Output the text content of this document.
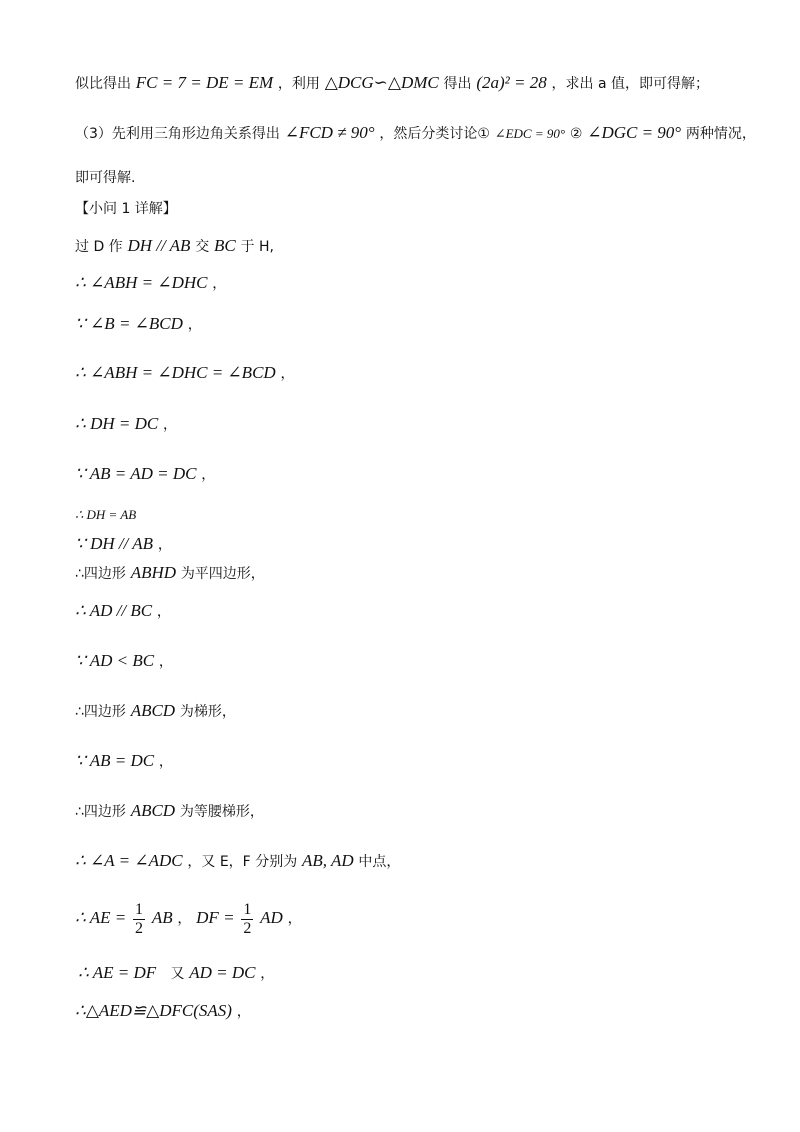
似比得出 FC = 7 = DE = EM ，利用 △DCG∽△DMC 得出 (2a)² = 28 ，求出 a 值，即可得解；
（3）先利用三角形边角关系得出 ∠FCD ≠ 90° ，然后分类讨论① ∠EDC = 90° ② ∠DGC = 90° 两种情况，
即可得解.
【小问 1 详解】
过 D 作 DH // AB 交 BC 于 H,
∴ ∠ABH = ∠DHC ，
∵ ∠B = ∠BCD ，
∴ ∠ABH = ∠DHC = ∠BCD ，
∴ DH = DC ，
∵ AB = AD = DC ，
∴ DH = AB
∵ DH // AB ，
∴四边形 ABHD 为平四边形，
∴ AD // BC ，
∵ AD < BC ，
∴四边形 ABCD 为梯形，
∵ AB = DC ，
∴四边形 ABCD 为等腰梯形，
∴ ∠A = ∠ADC ，又 E，F 分别为 AB, AD 中点，
∴ AE = $\frac{1}{2}$ AB ， DF = $\frac{1}{2}$ AD ，
∴ AE = DF 又 AD = DC ，
∴△AED≌△DFC(SAS) ，
